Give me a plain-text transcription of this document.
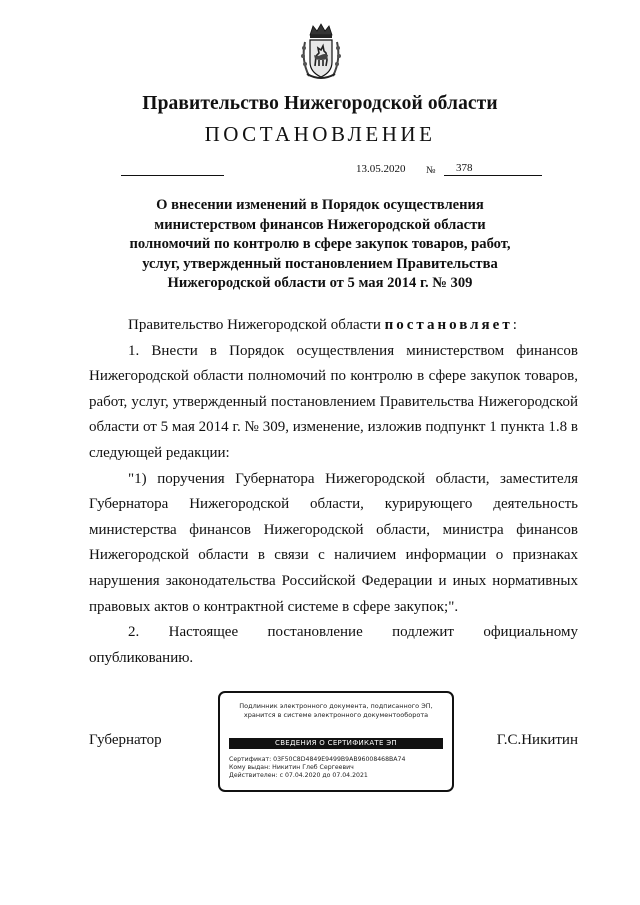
Правительство Нижегородской области
ПОСТАНОВЛЕНИЕ
13.05.2020 № 378
О внесении изменений в Порядок осуществления
министерством финансов Нижегородской области
полномочий по контролю в сфере закупок товаров, работ,
услуг, утвержденный постановлением Правительства
Нижегородской области от 5 мая 2014 г. № 309

Правительство Нижегородской области постановляет:

1. Внести в Порядок осуществления министерством финансов Нижегородской области полномочий по контролю в сфере закупок товаров, работ, услуг, утвержденный постановлением Правительства Нижегородской области от 5 мая 2014 г. № 309, изменение, изложив подпункт 1 пункта 1.8 в следующей редакции:

"1) поручения Губернатора Нижегородской области, заместителя Губернатора Нижегородской области, курирующего деятельность министерства финансов Нижегородской области, министра финансов Нижегородской области в связи с наличием информации о признаках нарушения законодательства Российской Федерации и иных нормативных правовых актов о контрактной системе в сфере закупок;".

2. Настоящее постановление подлежит официальному опубликованию.

Губернатор	Г.С.Никитин
Подлинник электронного документа, подписанного ЭП,
хранится в системе электронного документооборота
СВЕДЕНИЯ О СЕРТИФИКАТЕ ЭП
Сертификат: 03F50C8D4849E9499B9AB96008468BA74
Кому выдан: Никитин Глеб Сергеевич
Действителен: с 07.04.2020 до 07.04.2021
